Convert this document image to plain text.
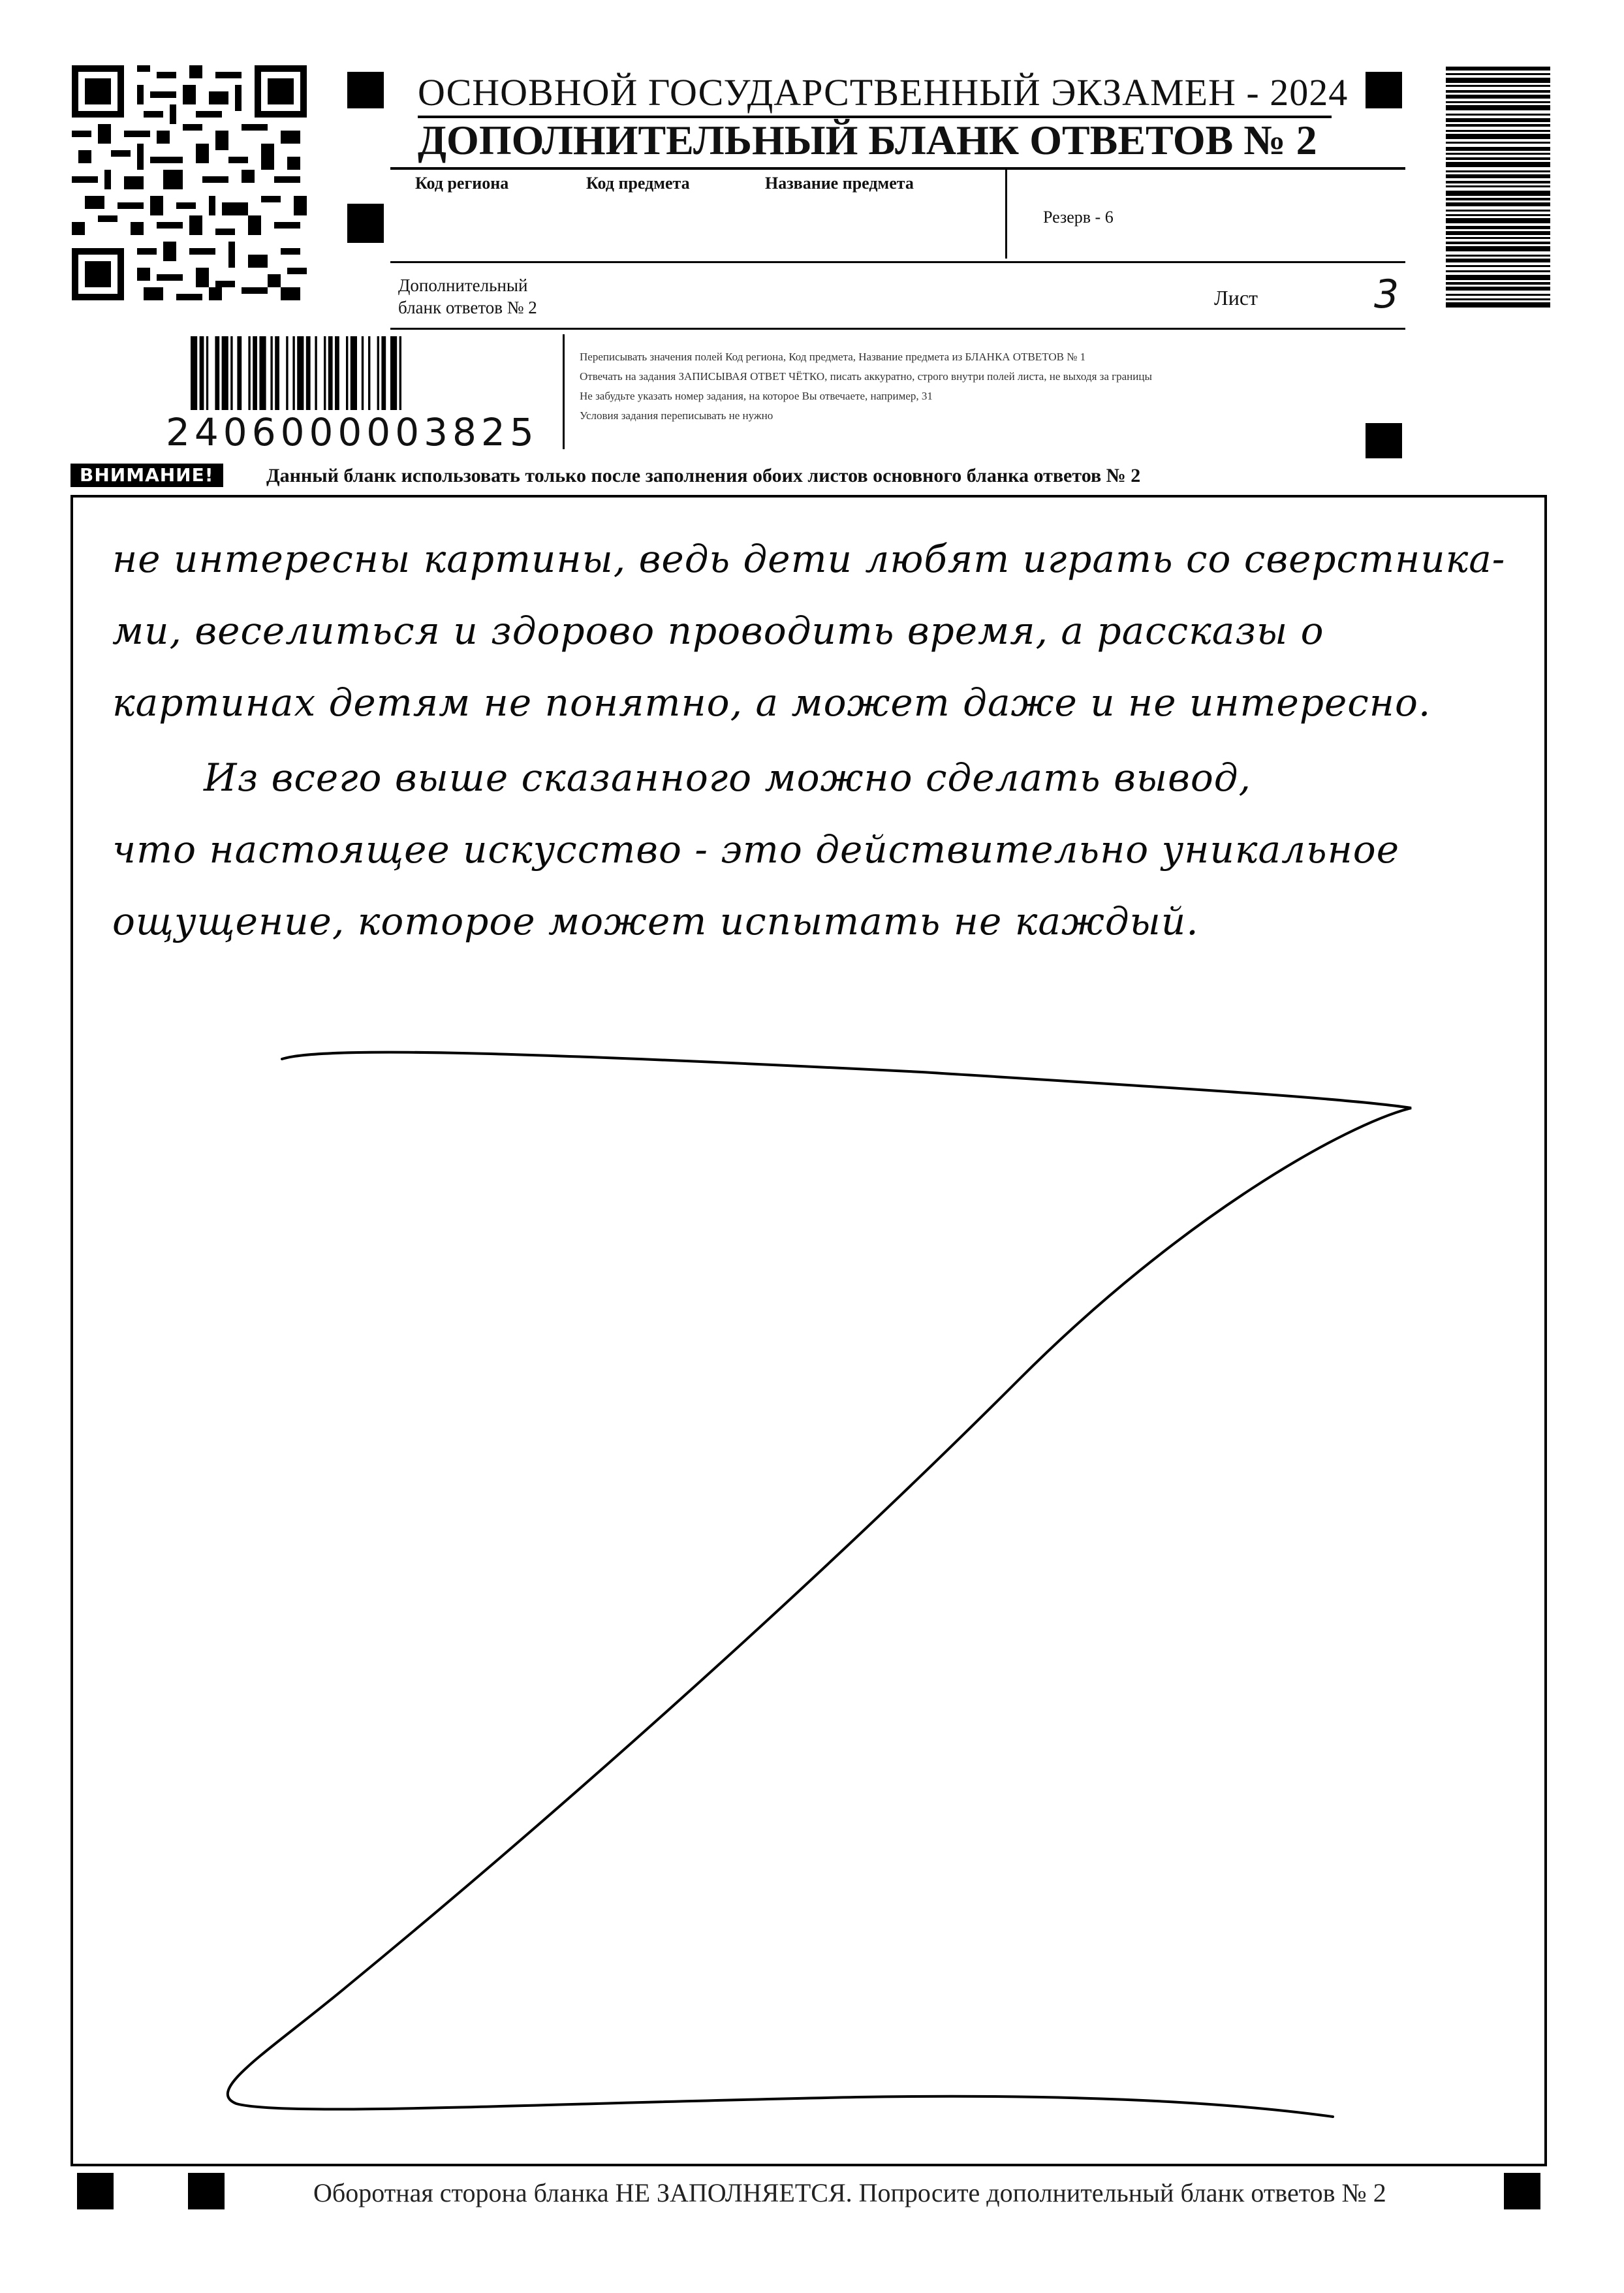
ОСНОВНОЙ ГОСУДАРСТВЕННЫЙ ЭКЗАМЕН - 2024
ДОПОЛНИТЕЛЬНЫЙ БЛАНК ОТВЕТОВ № 2
Код региона	Код предмета	Название предмета
Резерв - 6
Дополнительный
бланк ответов № 2	Лист	3
2406000003825
Переписывать значения полей Код региона, Код предмета, Название предмета из БЛАНКА ОТВЕТОВ № 1
Отвечать на задания ЗАПИСЫВАЯ ОТВЕТ ЧЁТКО, писать аккуратно, строго внутри полей листа, не выходя за границы
Не забудьте указать номер задания, на которое Вы отвечаете, например, 31
Условия задания переписывать не нужно
ВНИМАНИЕ!	Данный бланк использовать только после заполнения обоих листов основного бланка ответов № 2
не интересны картины, ведь дети любят играть со сверстника-
ми, веселиться и здорово проводить время, а рассказы о
картинах детям не понятно, а может даже и не интересно.
Из всего выше сказанного можно сделать вывод,
что настоящее искусство - это действительно уникальное
ощущение, которое может испытать не каждый.
Оборотная сторона бланка НЕ ЗАПОЛНЯЕТСЯ. Попросите дополнительный бланк ответов № 2
